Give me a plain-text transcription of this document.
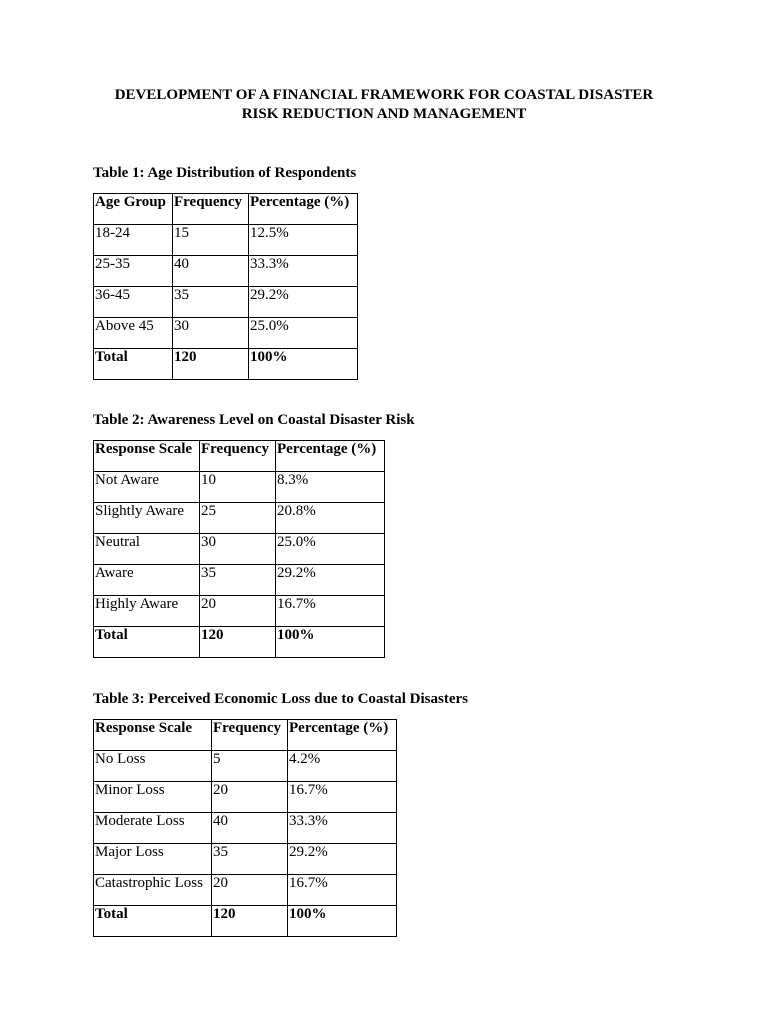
DEVELOPMENT OF A FINANCIAL FRAMEWORK FOR COASTAL DISASTER
RISK REDUCTION AND MANAGEMENT

Table 1: Age Distribution of Respondents

Age Group	Frequency	Percentage (%)
18-24	15	12.5%
25-35	40	33.3%
36-45	35	29.2%
Above 45	30	25.0%
Total	120	100%

Table 2: Awareness Level on Coastal Disaster Risk

Response Scale	Frequency	Percentage (%)
Not Aware	10	8.3%
Slightly Aware	25	20.8%
Neutral	30	25.0%
Aware	35	29.2%
Highly Aware	20	16.7%
Total	120	100%

Table 3: Perceived Economic Loss due to Coastal Disasters

Response Scale	Frequency	Percentage (%)
No Loss	5	4.2%
Minor Loss	20	16.7%
Moderate Loss	40	33.3%
Major Loss	35	29.2%
Catastrophic Loss	20	16.7%
Total	120	100%
